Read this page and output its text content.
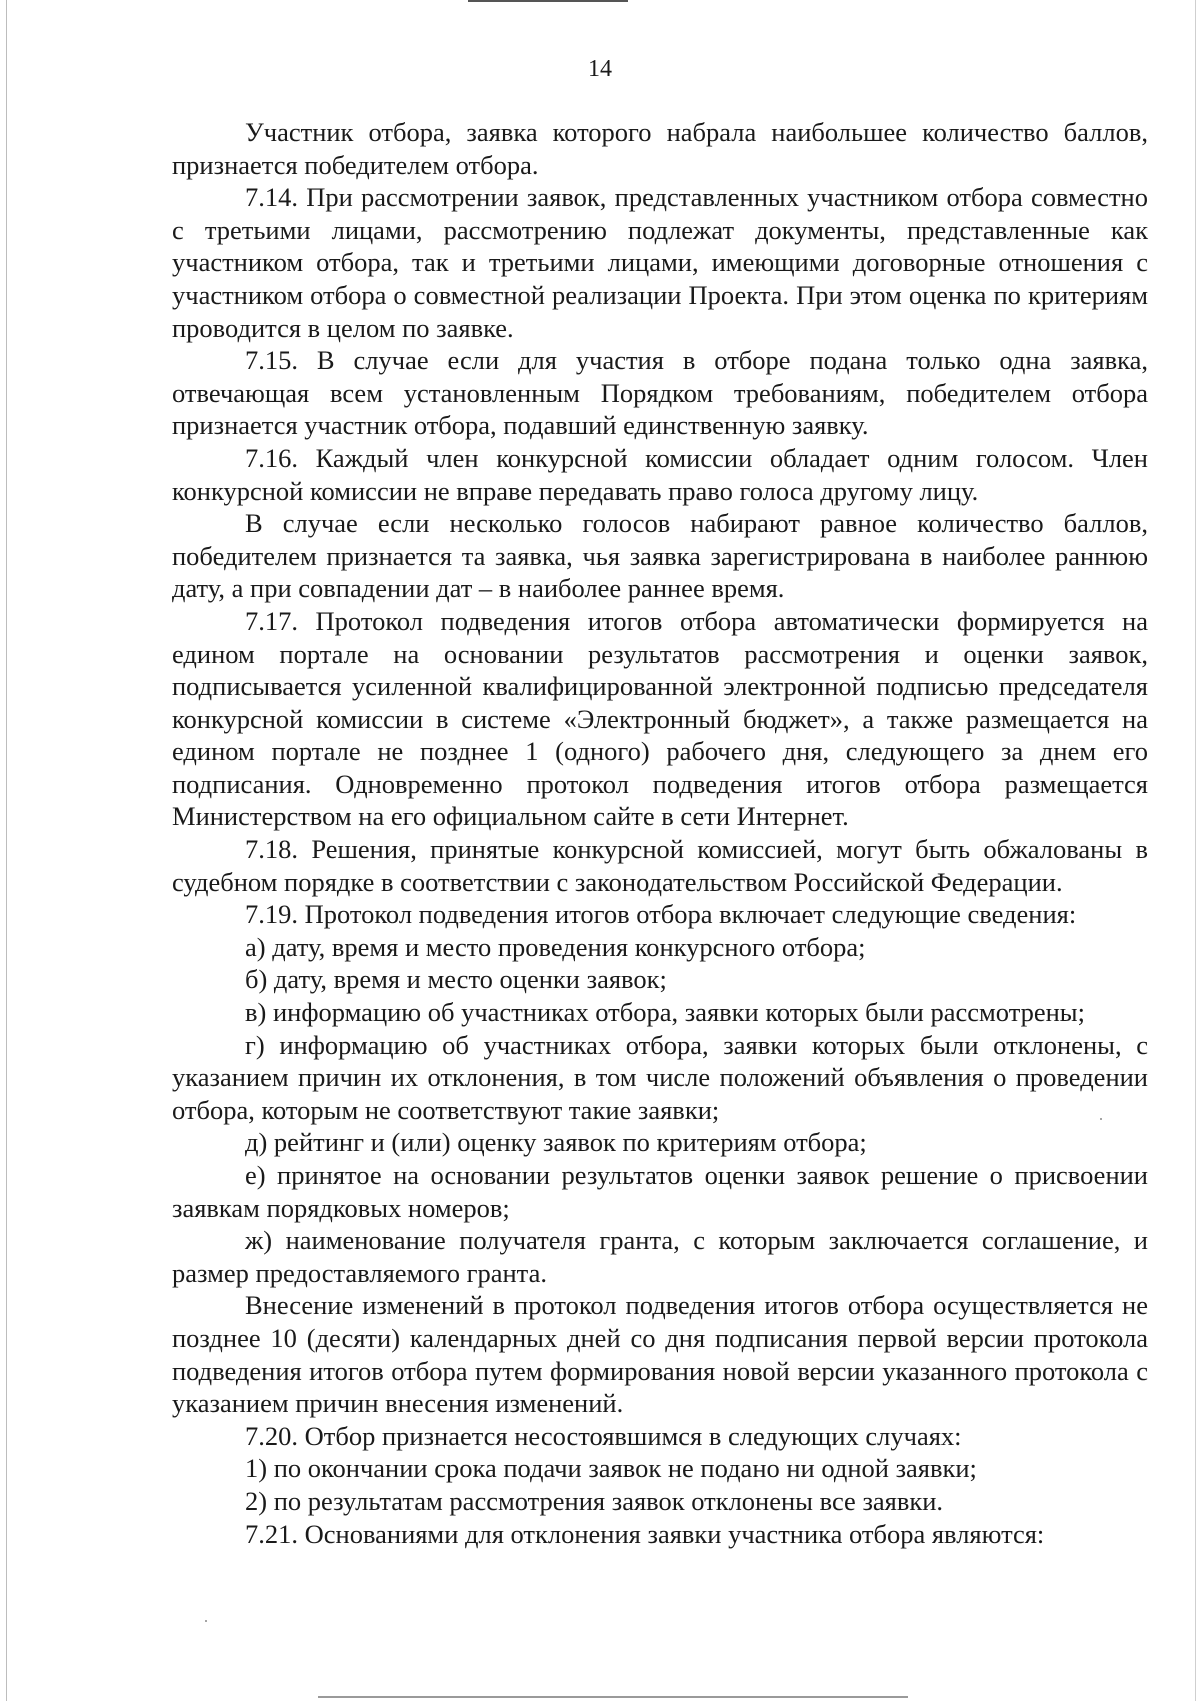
14

Участник отбора, заявка которого набрала наибольшее количество баллов, признается победителем отбора.

7.14. При рассмотрении заявок, представленных участником отбора совместно с третьими лицами, рассмотрению подлежат документы, представленные как участником отбора, так и третьими лицами, имеющими договорные отношения с участником отбора о совместной реализации Проекта. При этом оценка по критериям проводится в целом по заявке.

7.15. В случае если для участия в отборе подана только одна заявка, отвечающая всем установленным Порядком требованиям, победителем отбора признается участник отбора, подавший единственную заявку.

7.16. Каждый член конкурсной комиссии обладает одним голосом. Член конкурсной комиссии не вправе передавать право голоса другому лицу.

В случае если несколько голосов набирают равное количество баллов, победителем признается та заявка, чья заявка зарегистрирована в наиболее раннюю дату, а при совпадении дат – в наиболее раннее время.

7.17. Протокол подведения итогов отбора автоматически формируется на едином портале на основании результатов рассмотрения и оценки заявок, подписывается усиленной квалифицированной электронной подписью председателя конкурсной комиссии в системе «Электронный бюджет», а также размещается на едином портале не позднее 1 (одного) рабочего дня, следующего за днем его подписания. Одновременно протокол подведения итогов отбора размещается Министерством на его официальном сайте в сети Интернет.

7.18. Решения, принятые конкурсной комиссией, могут быть обжалованы в судебном порядке в соответствии с законодательством Российской Федерации.

7.19. Протокол подведения итогов отбора включает следующие сведения:

а) дату, время и место проведения конкурсного отбора;

б) дату, время и место оценки заявок;

в) информацию об участниках отбора, заявки которых были рассмотрены;

г) информацию об участниках отбора, заявки которых были отклонены, с указанием причин их отклонения, в том числе положений объявления о проведении отбора, которым не соответствуют такие заявки;

д) рейтинг и (или) оценку заявок по критериям отбора;

е) принятое на основании результатов оценки заявок решение о присвоении заявкам порядковых номеров;

ж) наименование получателя гранта, с которым заключается соглашение, и размер предоставляемого гранта.

Внесение изменений в протокол подведения итогов отбора осуществляется не позднее 10 (десяти) календарных дней со дня подписания первой версии протокола подведения итогов отбора путем формирования новой версии указанного протокола с указанием причин внесения изменений.

7.20. Отбор признается несостоявшимся в следующих случаях:

1) по окончании срока подачи заявок не подано ни одной заявки;

2) по результатам рассмотрения заявок отклонены все заявки.

7.21. Основаниями для отклонения заявки участника отбора являются:
